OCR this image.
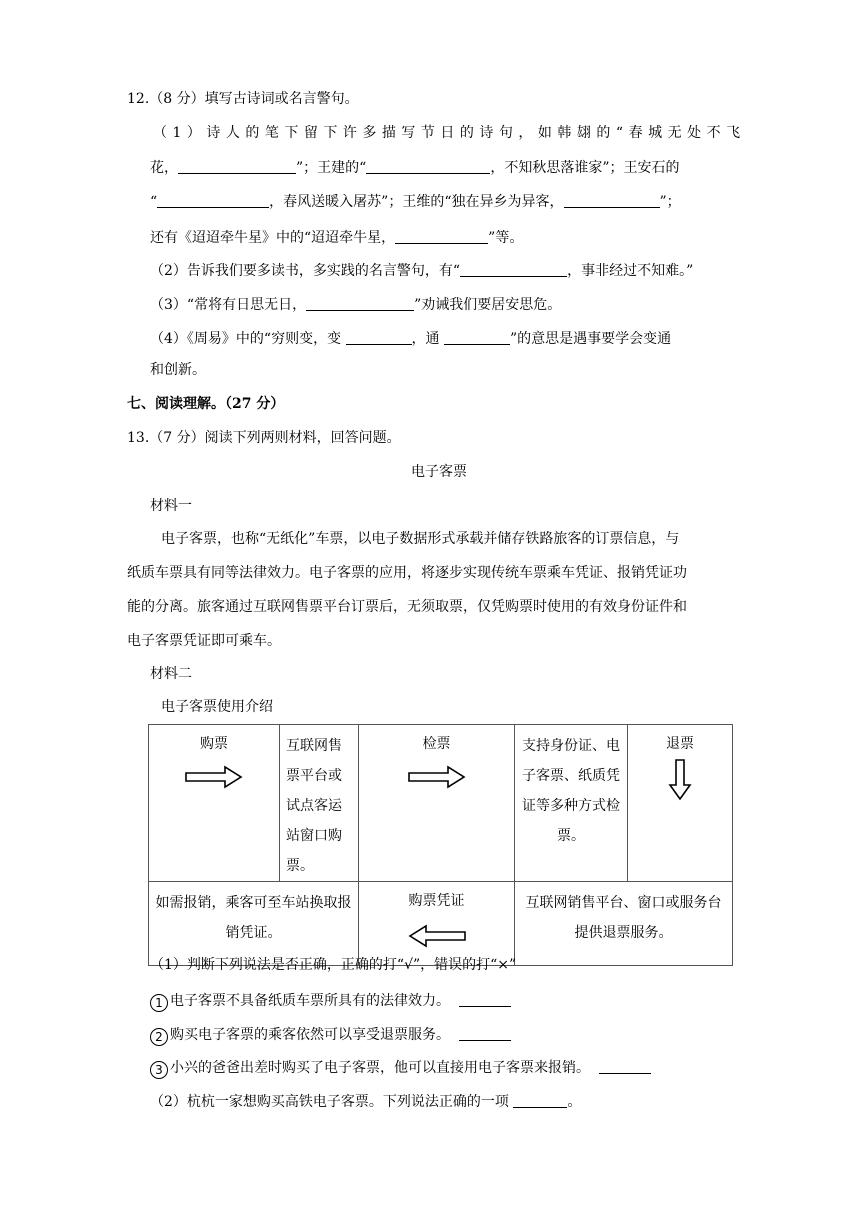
12.（8 分）填写古诗词或名言警句。
（1）诗人的笔下留下许多描写节日的诗句，如韩翃的“春城无处不飞
花，	”；王建的“	，不知秋思落谁家”；王安石的
“	，春风送暖入屠苏”；王维的“独在异乡为异客，	”；
还有《迢迢牵牛星》中的“迢迢牵牛星，	”等。
（2）告诉我们要多读书，多实践的名言警句，有“	，事非经过不知难。”
（3）“常将有日思无日，	”劝诫我们要居安思危。
（4）《周易》中的“穷则变，变	，通	”的意思是遇事要学会变通
和创新。
七、阅读理解。（27 分）
13.（7 分）阅读下列两则材料，回答问题。
电子客票
材料一
电子客票，也称“无纸化”车票，以电子数据形式承载并储存铁路旅客的订票信息，与
纸质车票具有同等法律效力。电子客票的应用，将逐步实现传统车票乘车凭证、报销凭证功
能的分离。旅客通过互联网售票平台订票后，无须取票，仅凭购票时使用的有效身份证件和
电子客票凭证即可乘车。
材料二
电子客票使用介绍
购票	互联网售票平台或试点客运站窗口购票。	检票	支持身份证、电子客票、纸质凭证等多种方式检票。	退票

如需报销，乘客可至车站换取报销凭证。		购票凭证	互联网销售平台、窗口或服务台提供退票服务。	
（1）判断下列说法是否正确，正确的打“√”，错误的打“×”
1 电子客票不具备纸质车票所具有的法律效力。
2 购买电子客票的乘客依然可以享受退票服务。
3 小兴的爸爸出差时购买了电子客票，他可以直接用电子客票来报销。
（2）杭杭一家想购买高铁电子客票。下列说法正确的一项	。
